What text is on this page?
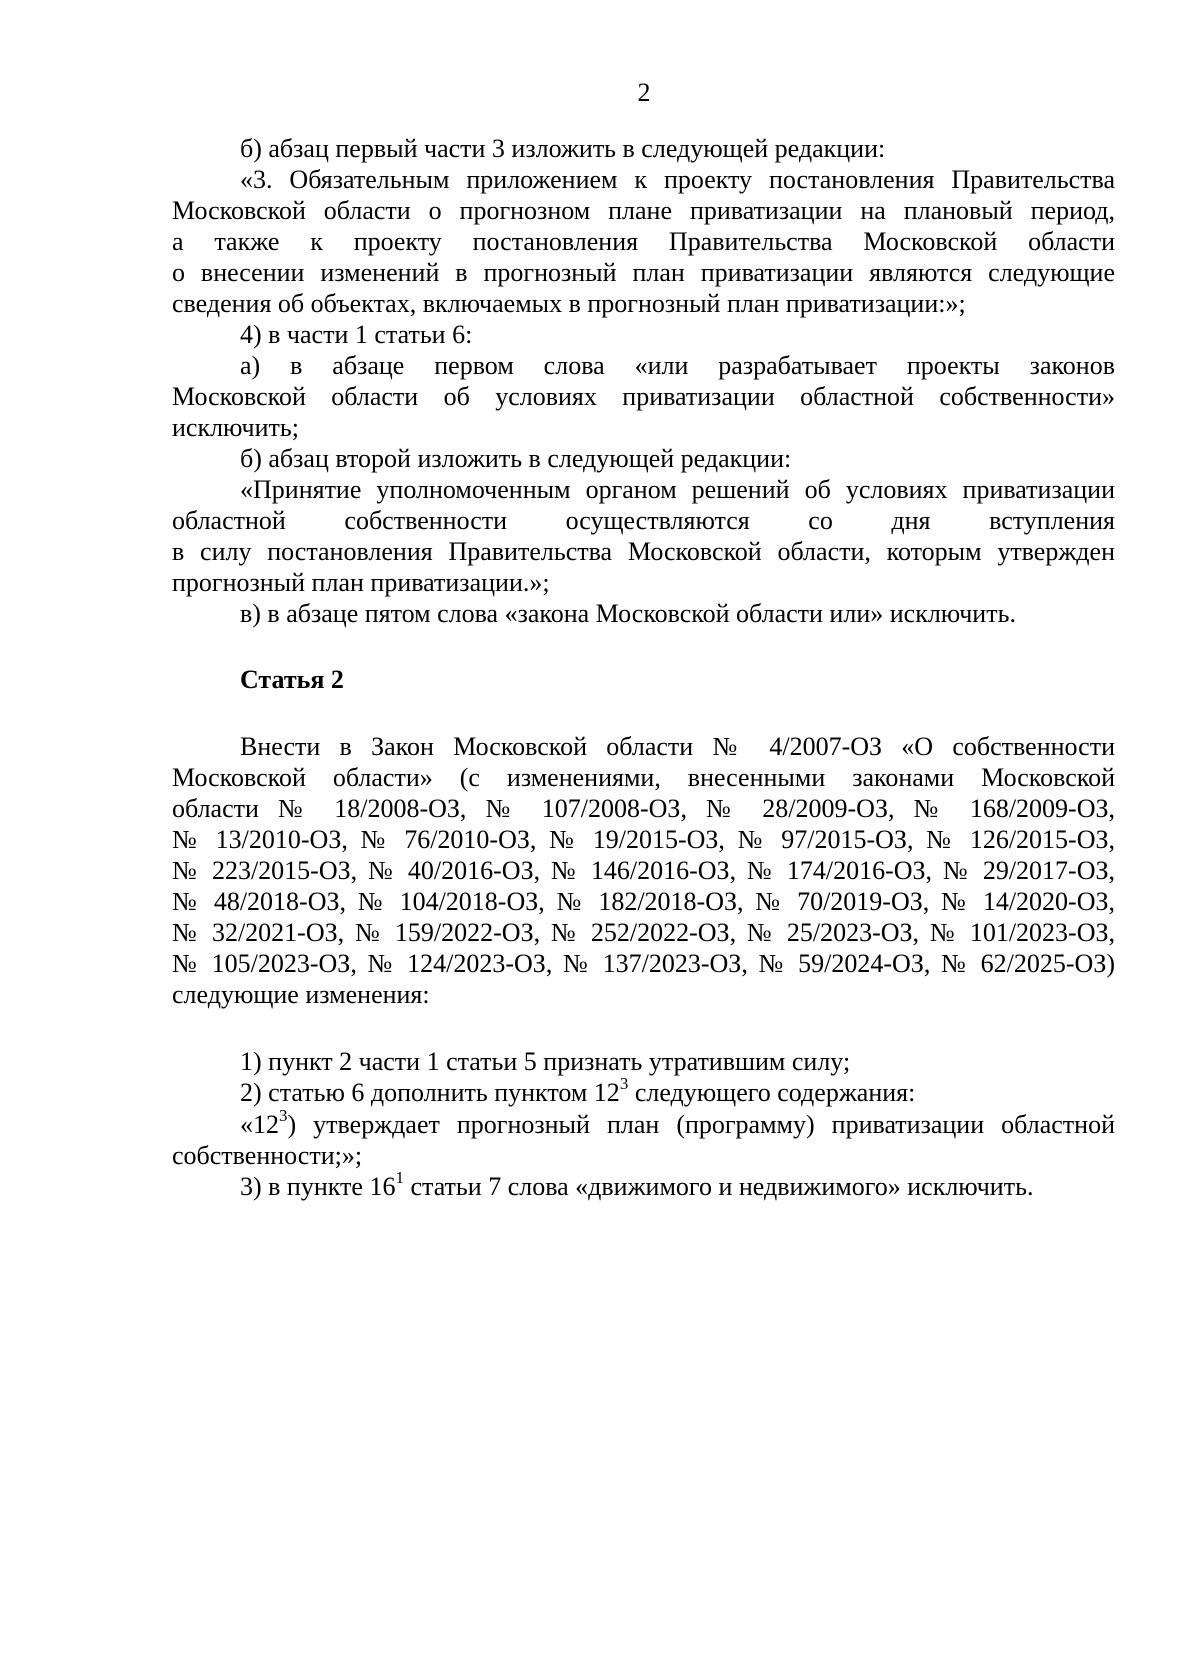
2
б) абзац первый части 3 изложить в следующей редакции:
«3. Обязательным приложением к проекту постановления Правительства
Московской области о прогнозном плане приватизации на плановый период,
а также к проекту постановления Правительства Московской области
о внесении изменений в прогнозный план приватизации являются следующие
сведения об объектах, включаемых в прогнозный план приватизации:»;
4) в части 1 статьи 6:
а) в абзаце первом слова «или разрабатывает проекты законов
Московской области об условиях приватизации областной собственности»
исключить;
б) абзац второй изложить в следующей редакции:
«Принятие уполномоченным органом решений об условиях приватизации
областной собственности осуществляются со дня вступления
в силу постановления Правительства Московской области, которым утвержден
прогнозный план приватизации.»;
в) в абзаце пятом слова «закона Московской области или» исключить.
Статья 2
Внести в Закон Московской области № 4/2007-ОЗ «О собственности
Московской области» (с изменениями, внесенными законами Московской
области № 18/2008-ОЗ, № 107/2008-ОЗ, № 28/2009-ОЗ, № 168/2009-ОЗ,
№ 13/2010-ОЗ, № 76/2010-ОЗ, № 19/2015-ОЗ, № 97/2015-ОЗ, № 126/2015-ОЗ,
№ 223/2015-ОЗ, № 40/2016-ОЗ, № 146/2016-ОЗ, № 174/2016-ОЗ, № 29/2017-ОЗ,
№ 48/2018-ОЗ, № 104/2018-ОЗ, № 182/2018-ОЗ, № 70/2019-ОЗ, № 14/2020-ОЗ,
№ 32/2021-ОЗ, № 159/2022-ОЗ, № 252/2022-ОЗ, № 25/2023-ОЗ, № 101/2023-ОЗ,
№ 105/2023-ОЗ, № 124/2023-ОЗ, № 137/2023-ОЗ, № 59/2024-ОЗ, № 62/2025-ОЗ)
следующие изменения:
1) пункт 2 части 1 статьи 5 признать утратившим силу;
2) статью 6 дополнить пунктом $12^3$ следующего содержания:
«$12^3$) утверждает прогнозный план (программу) приватизации областной
собственности;»;
3) в пункте $16^1$ статьи 7 слова «движимого и недвижимого» исключить.
